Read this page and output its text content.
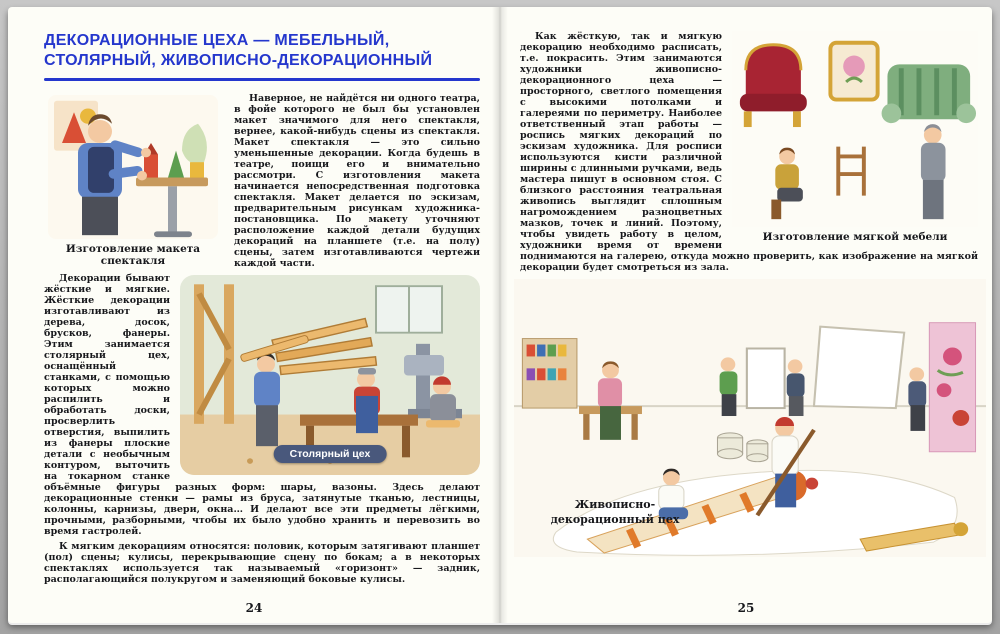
ДЕКОРАЦИОННЫЕ ЦЕХА — МЕБЕЛЬНЫЙ,
СТОЛЯРНЫЙ, ЖИВОПИСНО-ДЕКОРАЦИОННЫЙ
Изготовление макета спектакля

Наверное, не найдётся ни одного театра, в фойе которого не был бы установлен макет значимого для него спектакля, вернее, какой-нибудь сцены из спектакля. Макет спектакля — это сильно уменьшенные декорации. Когда будешь в театре, поищи его и внимательно рассмотри. С изготовления макета начинается непосредственная подготовка спектакля. Макет делается по эскизам, предварительным рисункам художника-постановщика. По макету уточняют расположение каждой детали будущих декораций на планшете (т.е. на полу) сцены, затем изготавливаются чертежи каждой части.

Столярный цех

Декорации бывают жёсткие и мягкие. Жёсткие декорации изготавливают из дерева, досок, брусков, фанеры. Этим занимается столярный цех, оснащённый станками, с помощью которых можно распилить и обработать доски, просверлить отверстия, выпилить из фанеры плоские детали с необычным контуром, выточить на токарном станке объёмные фигуры разных форм: шары, вазоны. Здесь делают декорационные стенки — рамы из бруса, затянутые тканью, лестницы, колонны, карнизы, двери, окна… И делают все эти предметы лёгкими, прочными, разборными, чтобы их было удобно хранить и перевозить во время гастролей.

К мягким декорациям относятся: половик, которым затягивают планшет (пол) сцены; кулисы, перекрывающие сцену по бокам; а в некоторых спектаклях используется так называемый «горизонт» — задник, располагающийся полукругом и заменяющий боковые кулисы.

24
Изготовление мягкой мебели

Как жёсткую, так и мягкую декорацию необходимо расписать, т.е. покрасить. Этим занимаются художники живописно-декорационного цеха — просторного, светлого помещения с высокими потолками и галереями по периметру. Наиболее ответственный этап работы — роспись мягких декораций по эскизам художника. Для росписи используются кисти различной ширины с длинными ручками, ведь мастера пишут в основном стоя. С близкого расстояния театральная живопись выглядит сплошным нагромождением разноцветных мазков, точек и линий. Поэтому, чтобы увидеть работу в целом, художники время от времени поднимаются на галерею, откуда можно проверить, как изображение на мягкой декорации будет смотреться из зала.

Живописно-
декорационный цех
25
